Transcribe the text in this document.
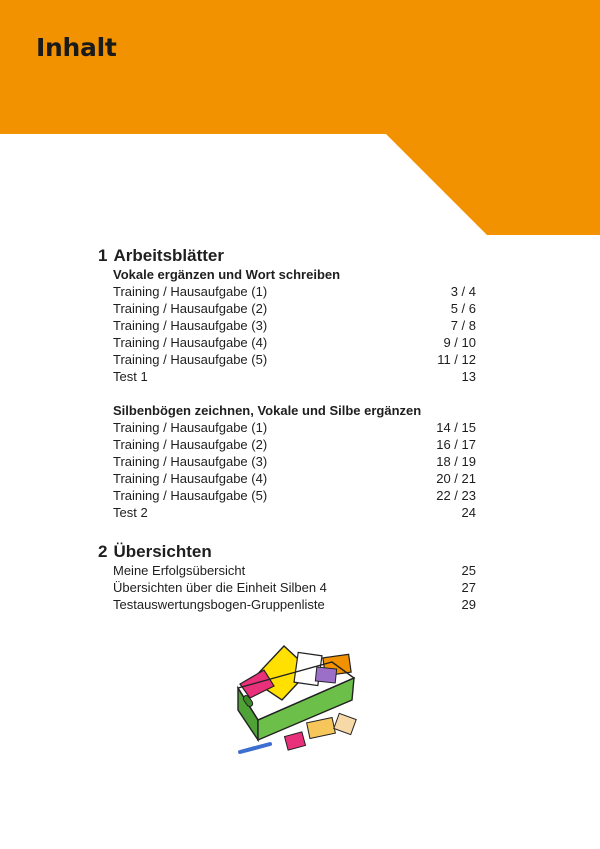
Inhalt
1 Arbeitsblätter
Vokale ergänzen und Wort schreiben
Training / Hausaufgabe (1)	3 / 4
Training / Hausaufgabe (2)	5 / 6
Training / Hausaufgabe (3)	7 / 8
Training / Hausaufgabe (4)	9 / 10
Training / Hausaufgabe (5)	11 / 12
Test 1	13
Silbenbögen zeichnen, Vokale und Silbe ergänzen
Training / Hausaufgabe (1)	14 / 15
Training / Hausaufgabe (2)	16 / 17
Training / Hausaufgabe (3)	18 / 19
Training / Hausaufgabe (4)	20 / 21
Training / Hausaufgabe (5)	22 / 23
Test 2	24
2 Übersichten
Meine Erfolgsübersicht	25
Übersichten über die Einheit Silben 4	27
Testauswertungsbogen-Gruppenliste	29
